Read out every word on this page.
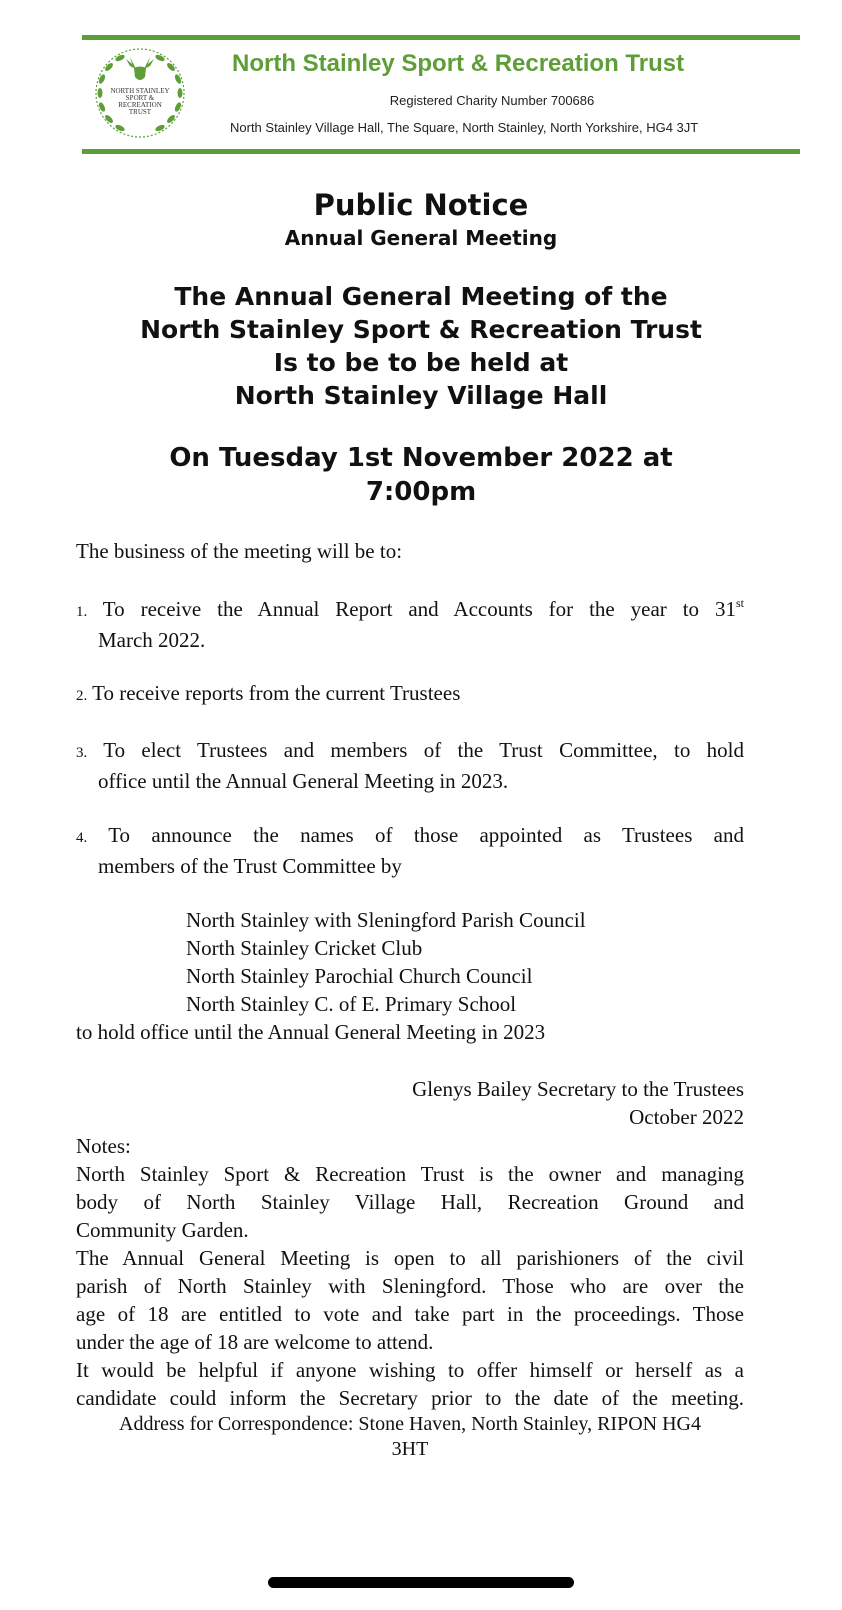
NORTH STAINLEY
SPORT &
RECREATION
TRUST
North Stainley Sport & Recreation Trust
Registered Charity Number 700686
North Stainley Village Hall, The Square, North Stainley, North Yorkshire, HG4 3JT
Public Notice
Annual General Meeting
The Annual General Meeting of the
North Stainley Sport & Recreation Trust
Is to be to be held at
North Stainley Village Hall
On Tuesday 1st November 2022 at
7:00pm
The business of the meeting will be to:
1. To receive the Annual Report and Accounts for the year to 31st
March 2022.
2. To receive reports from the current Trustees
3. To elect Trustees and members of the Trust Committee, to hold
office until the Annual General Meeting in 2023.
4. To announce the names of those appointed as Trustees and
members of the Trust Committee by
North Stainley with Sleningford Parish Council
North Stainley Cricket Club
North Stainley Parochial Church Council
North Stainley C. of E. Primary School
to hold office until the Annual General Meeting in 2023
Glenys Bailey Secretary to the Trustees
October 2022
Notes:
North Stainley Sport & Recreation Trust is the owner and managing
body of North Stainley Village Hall, Recreation Ground and
Community Garden.
The Annual General Meeting is open to all parishioners of the civil
parish of North Stainley with Sleningford. Those who are over the
age of 18 are entitled to vote and take part in the proceedings. Those
under the age of 18 are welcome to attend.
It would be helpful if anyone wishing to offer himself or herself as a
candidate could inform the Secretary prior to the date of the meeting.
Address for Correspondence: Stone Haven, North Stainley, RIPON HG4
3HT
